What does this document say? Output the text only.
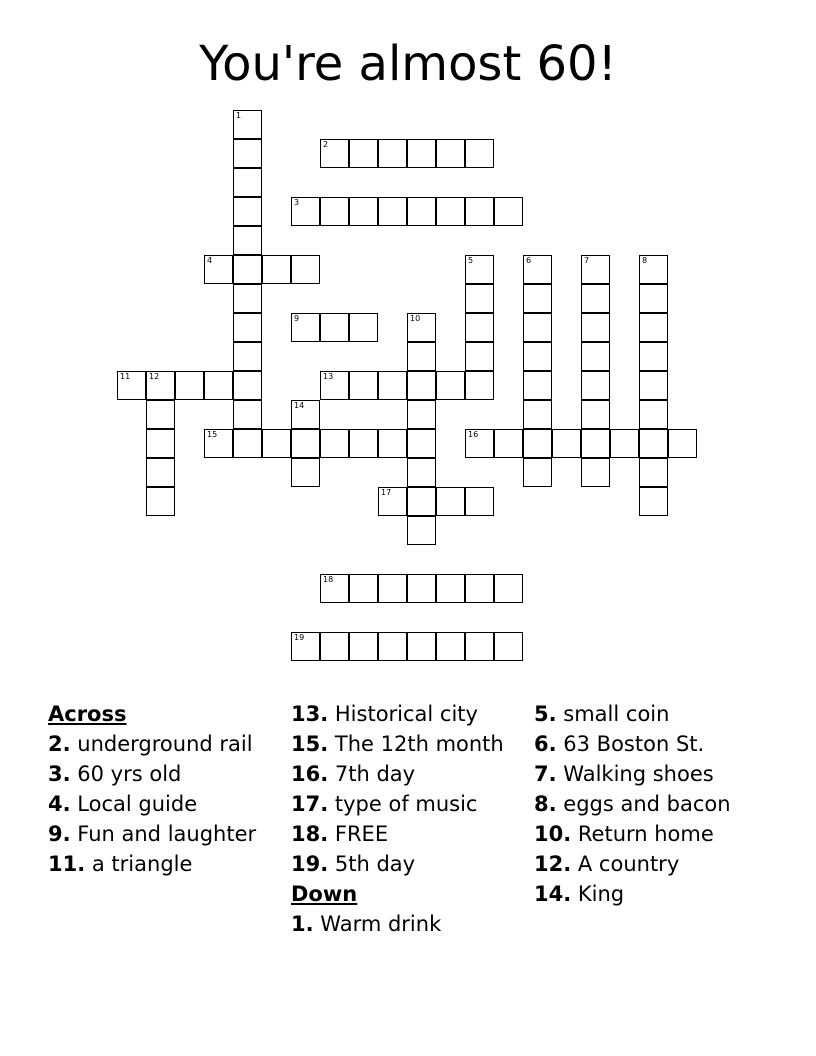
You're almost 60!
1
2
3
4	5	6	7	8
9	10
11 12	13
14
15	16
17
18
19
Across
2. underground rail
3. 60 yrs old
4. Local guide
9. Fun and laughter
11. a triangle
13. Historical city
15. The 12th month
16. 7th day
17. type of music
18. FREE
19. 5th day
Down
1. Warm drink
5. small coin
6. 63 Boston St.
7. Walking shoes
8. eggs and bacon
10. Return home
12. A country
14. King
